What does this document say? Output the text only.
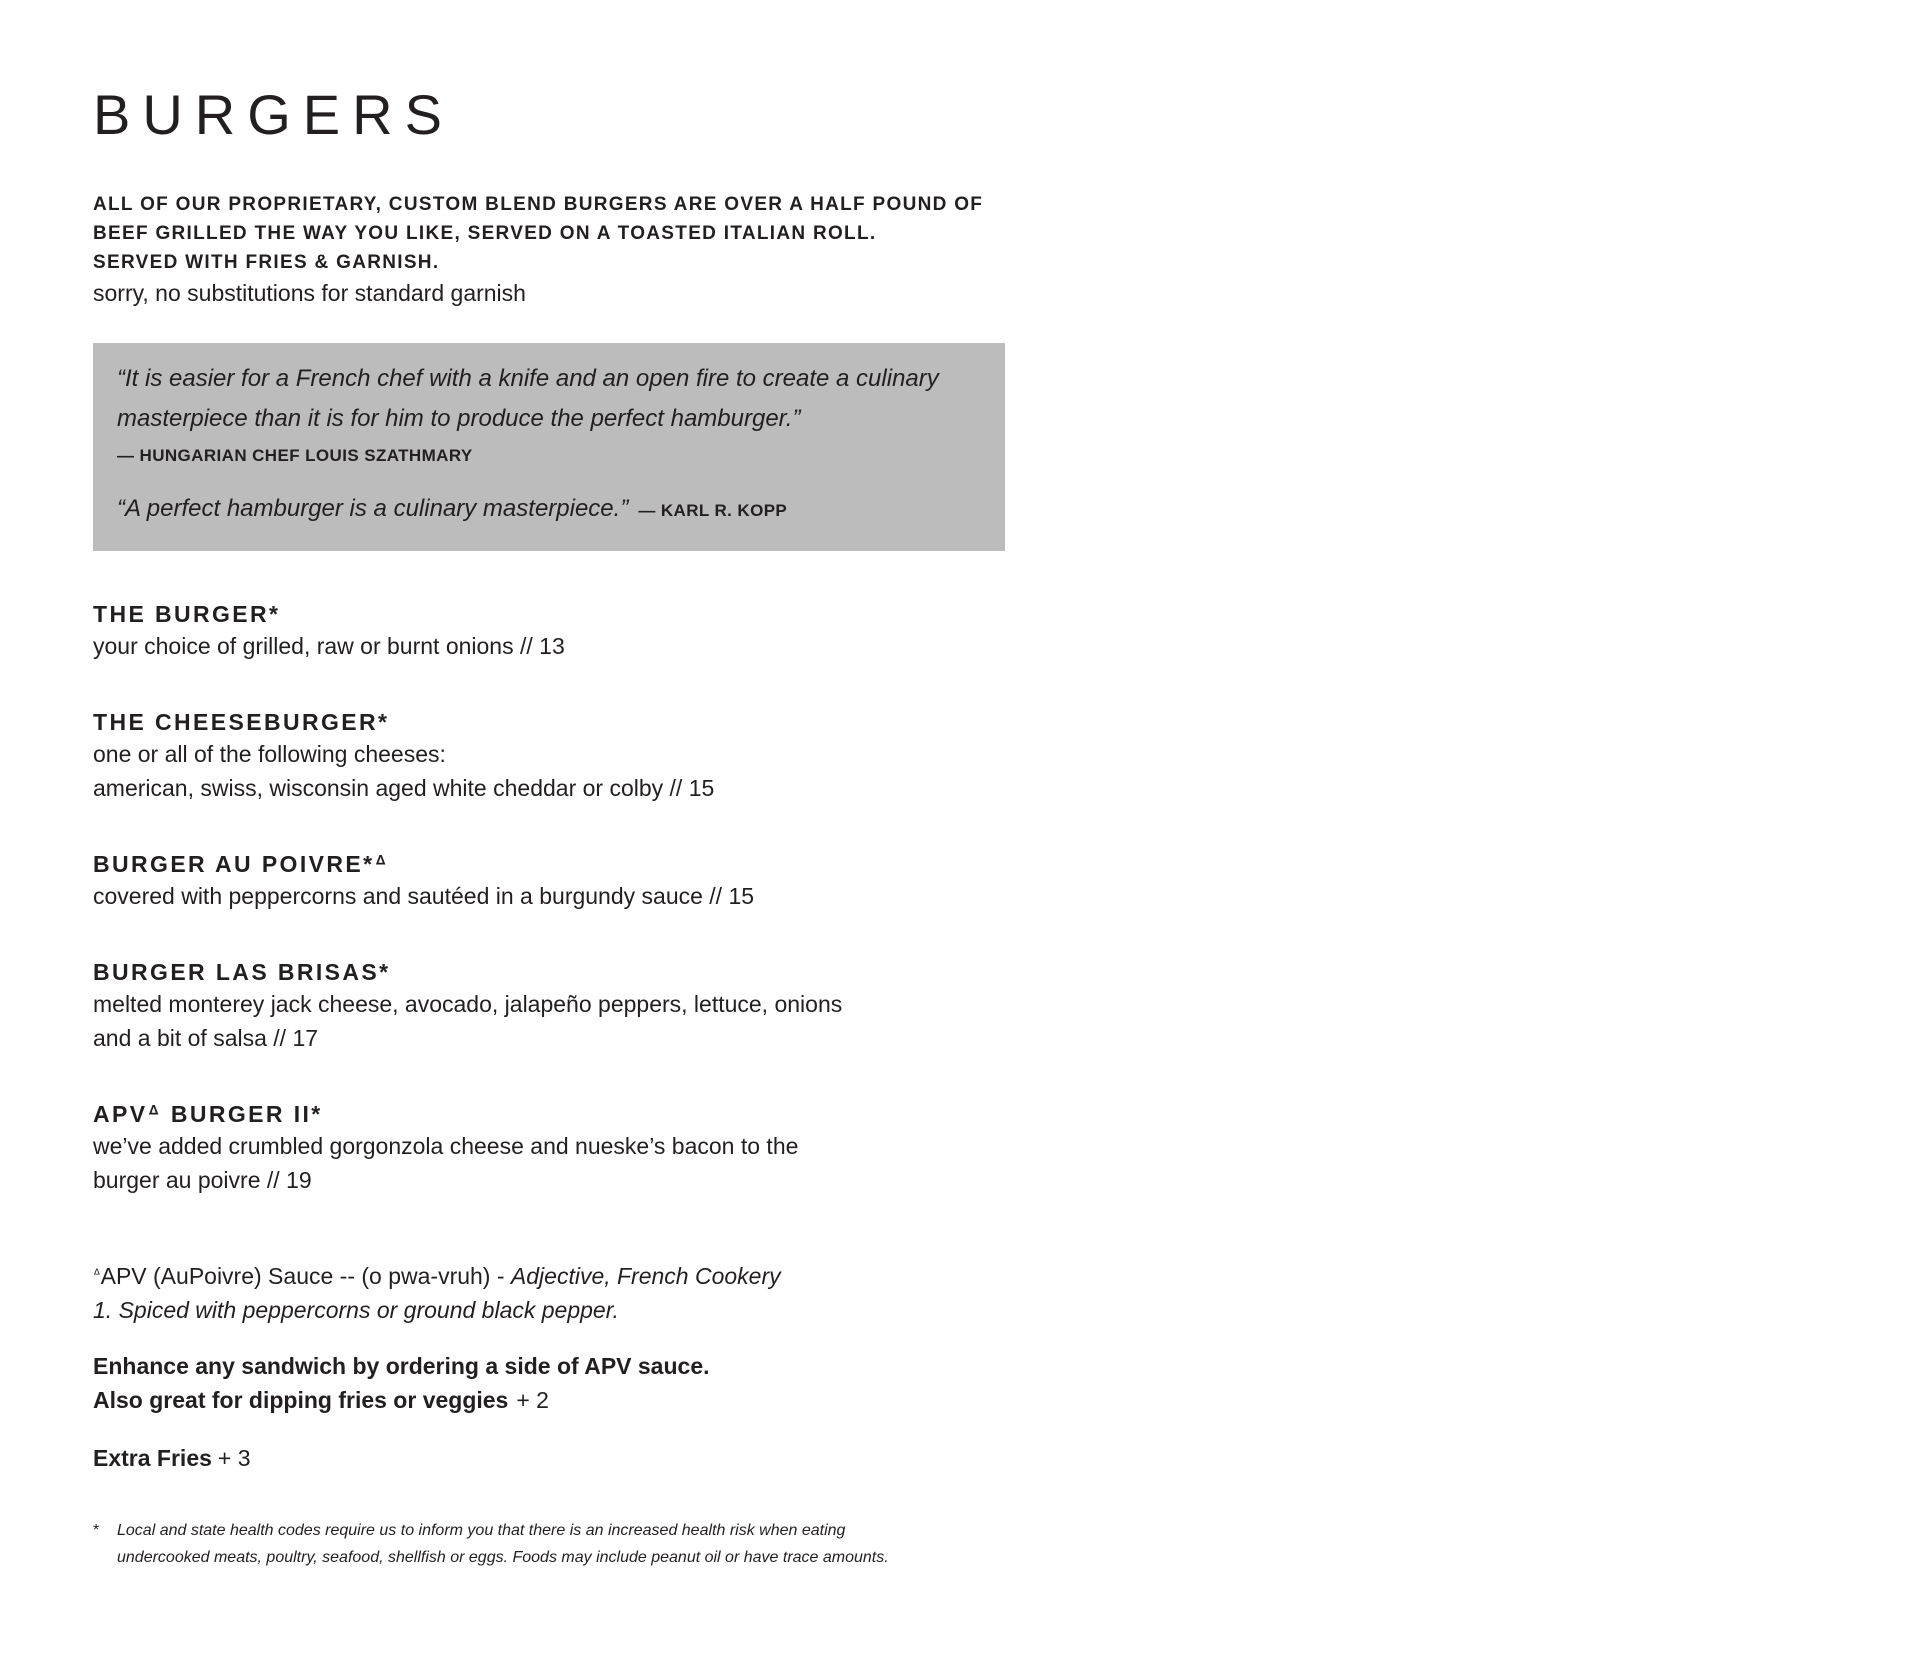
BURGERS
ALL OF OUR PROPRIETARY, CUSTOM BLEND BURGERS ARE OVER A HALF POUND OF
BEEF GRILLED THE WAY YOU LIKE, SERVED ON A TOASTED ITALIAN ROLL.
SERVED WITH FRIES & GARNISH.
sorry, no substitutions for standard garnish
“It is easier for a French chef with a knife and an open fire to create a culinary
masterpiece than it is for him to produce the perfect hamburger.”
— HUNGARIAN CHEF LOUIS SZATHMARY
“A perfect hamburger is a culinary masterpiece.” — KARL R. KOPP
THE BURGER*
your choice of grilled, raw or burnt onions // 13
THE CHEESEBURGER*
one or all of the following cheeses:
american, swiss, wisconsin aged white cheddar or colby // 15
BURGER AU POIVRE*ᐞ
covered with peppercorns and sautéed in a burgundy sauce // 15
BURGER LAS BRISAS*
melted monterey jack cheese, avocado, jalapeño peppers, lettuce, onions
and a bit of salsa // 17
APVᐞ BURGER II*
we’ve added crumbled gorgonzola cheese and nueske’s bacon to the
burger au poivre // 19
$^ᐞ$APV (AuPoivre) Sauce -- (o pwa-vruh) - Adjective, French Cookery
1. Spiced with peppercorns or ground black pepper.
Enhance any sandwich by ordering a side of APV sauce.
Also great for dipping fries or veggies + 2
Extra Fries + 3
* Local and state health codes require us to inform you that there is an increased health risk when eating
undercooked meats, poultry, seafood, shellfish or eggs. Foods may include peanut oil or have trace amounts.
